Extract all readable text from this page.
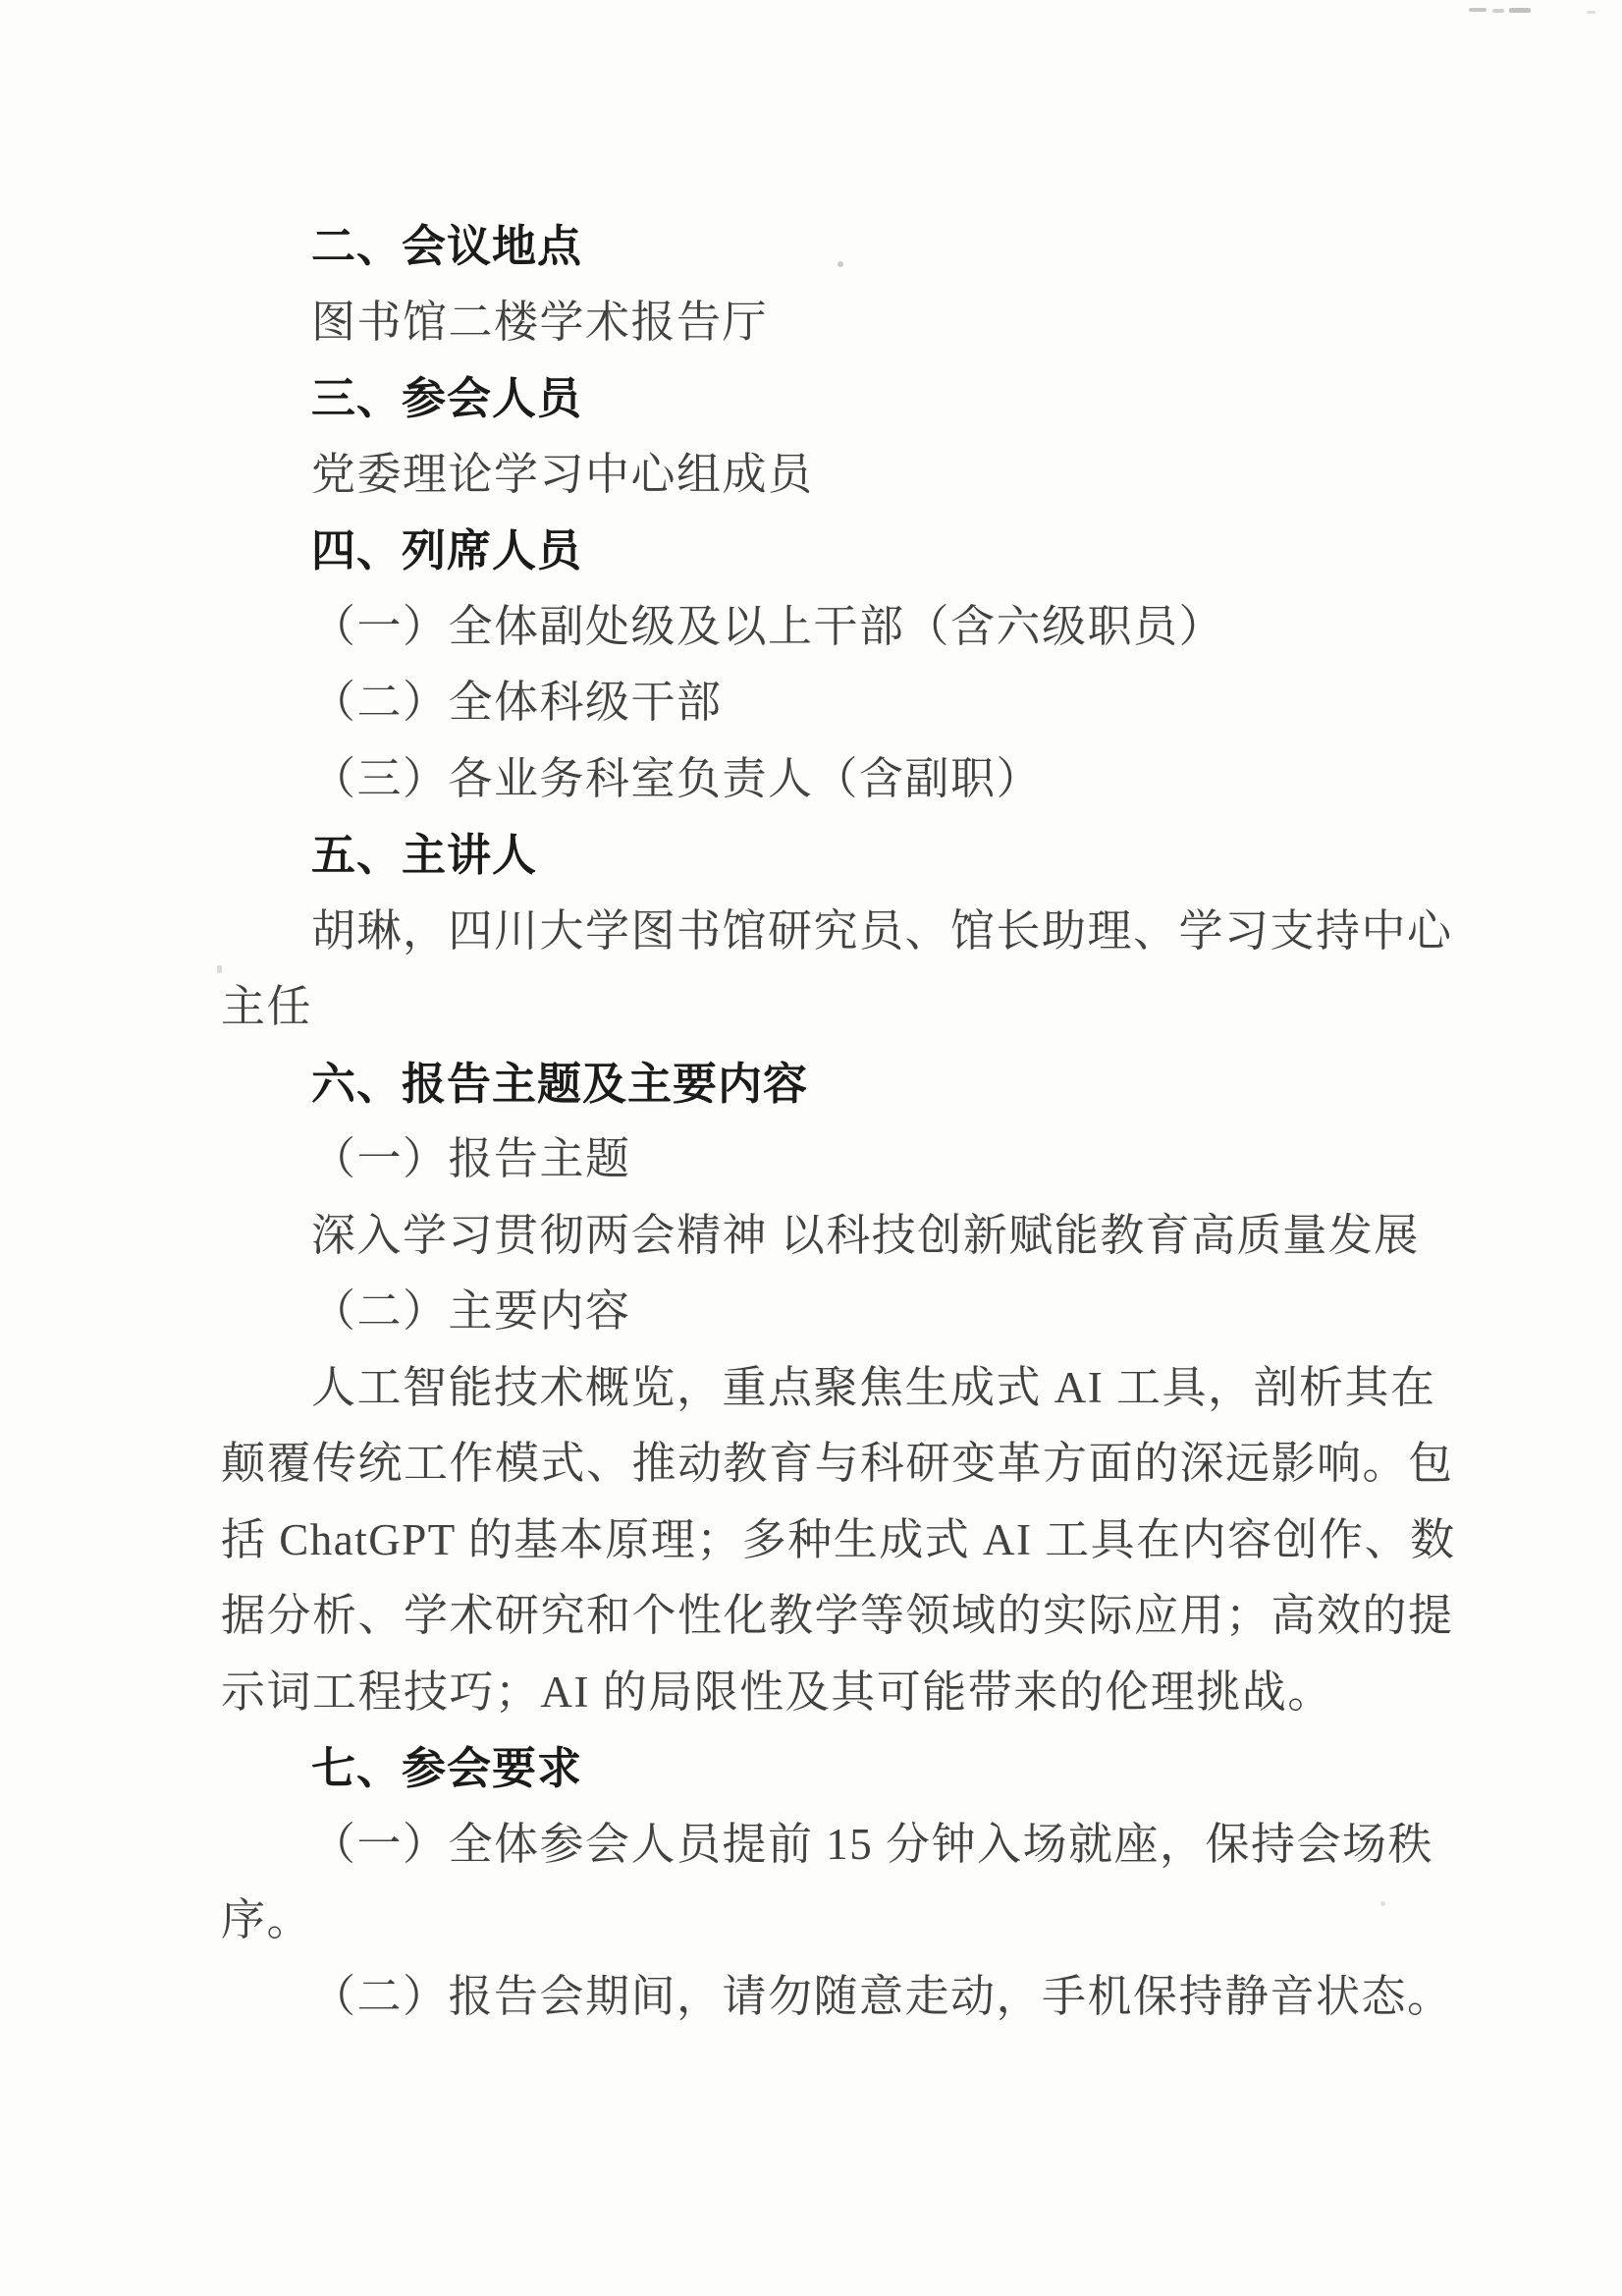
二、会议地点
图书馆二楼学术报告厅
三、参会人员
党委理论学习中心组成员
四、列席人员
（一）全体副处级及以上干部（含六级职员）
（二）全体科级干部
（三）各业务科室负责人（含副职）
五、主讲人
胡琳，四川大学图书馆研究员、馆长助理、学习支持中心
主任
六、报告主题及主要内容
（一）报告主题
深入学习贯彻两会精神 以科技创新赋能教育高质量发展
（二）主要内容
人工智能技术概览，重点聚焦生成式 AI 工具，剖析其在
颠覆传统工作模式、推动教育与科研变革方面的深远影响。包
括 ChatGPT 的基本原理；多种生成式 AI 工具在内容创作、数
据分析、学术研究和个性化教学等领域的实际应用；高效的提
示词工程技巧；AI 的局限性及其可能带来的伦理挑战。
七、参会要求
（一）全体参会人员提前 15 分钟入场就座，保持会场秩
序。
（二）报告会期间，请勿随意走动，手机保持静音状态。
